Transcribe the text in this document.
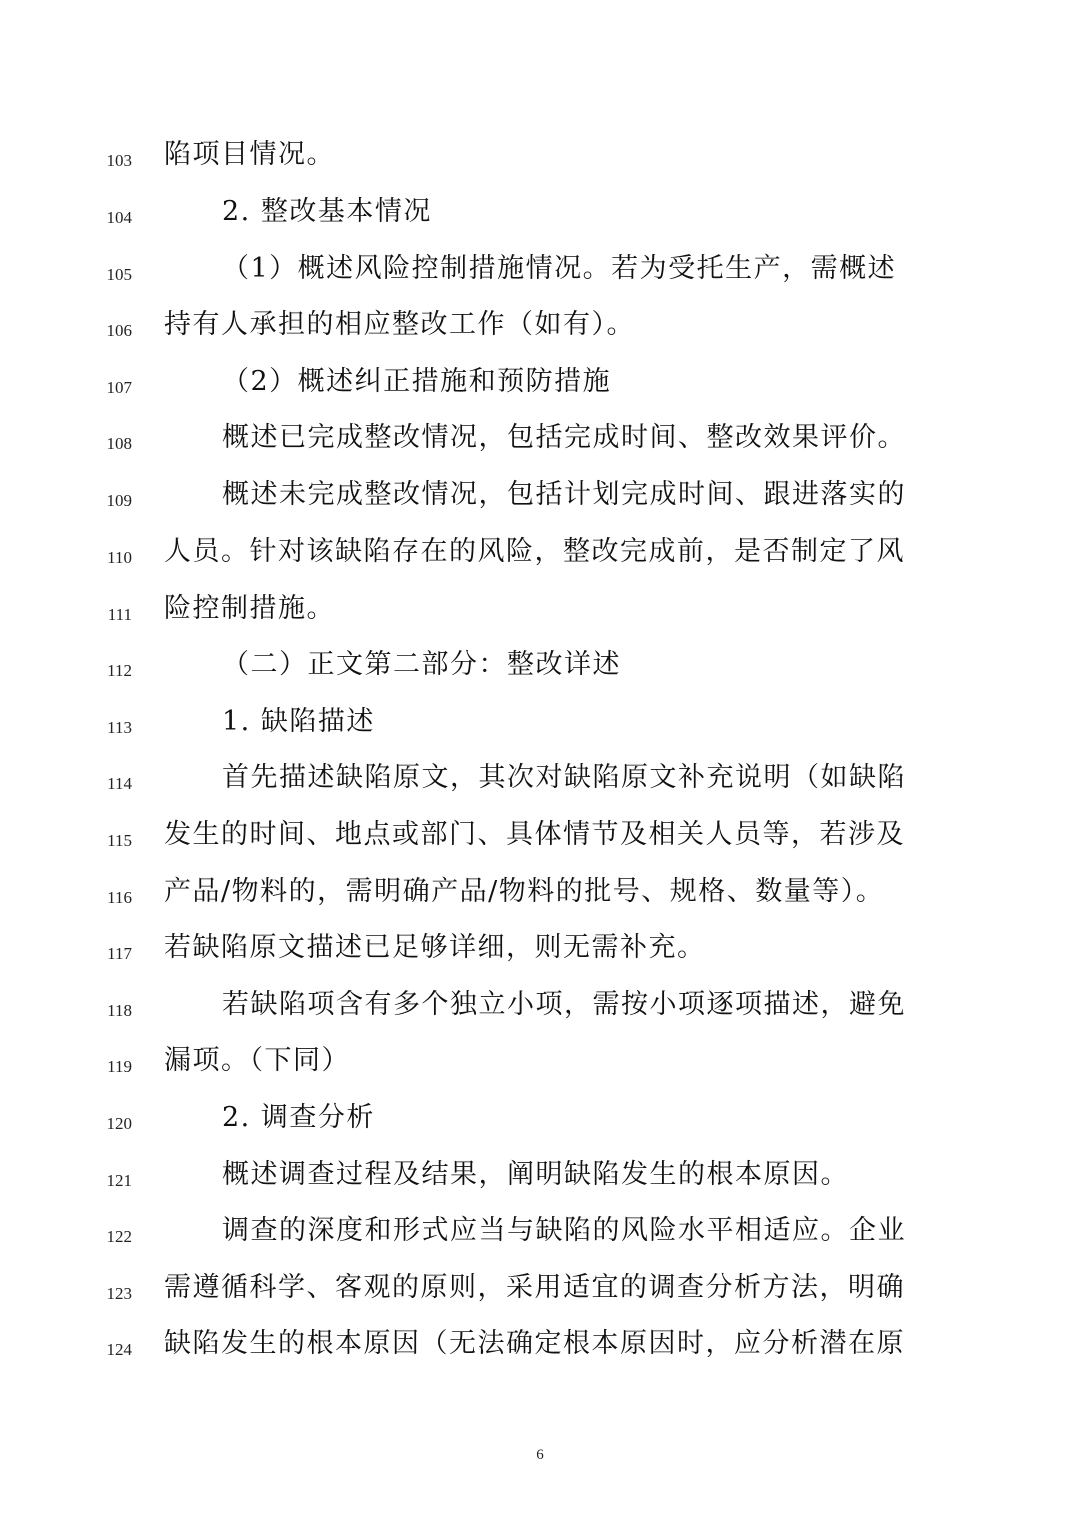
103 陷项目情况。
104	2. 整改基本情况
105	（1）概述风险控制措施情况。若为受托生产，需概述
106 持有人承担的相应整改工作（如有）。
107	（2）概述纠正措施和预防措施
108	概述已完成整改情况，包括完成时间、整改效果评价。
109	概述未完成整改情况，包括计划完成时间、跟进落实的
110 人员。针对该缺陷存在的风险，整改完成前，是否制定了风
111 险控制措施。
112	（二）正文第二部分：整改详述
113	1. 缺陷描述
114	首先描述缺陷原文，其次对缺陷原文补充说明（如缺陷
115 发生的时间、地点或部门、具体情节及相关人员等，若涉及
116 产品/物料的，需明确产品/物料的批号、规格、数量等）。
117 若缺陷原文描述已足够详细，则无需补充。
118	若缺陷项含有多个独立小项，需按小项逐项描述，避免
119 漏项。（下同）
120	2. 调查分析
121	概述调查过程及结果，阐明缺陷发生的根本原因。
122	调查的深度和形式应当与缺陷的风险水平相适应。企业
123 需遵循科学、客观的原则，采用适宜的调查分析方法，明确
124 缺陷发生的根本原因（无法确定根本原因时，应分析潜在原
6
